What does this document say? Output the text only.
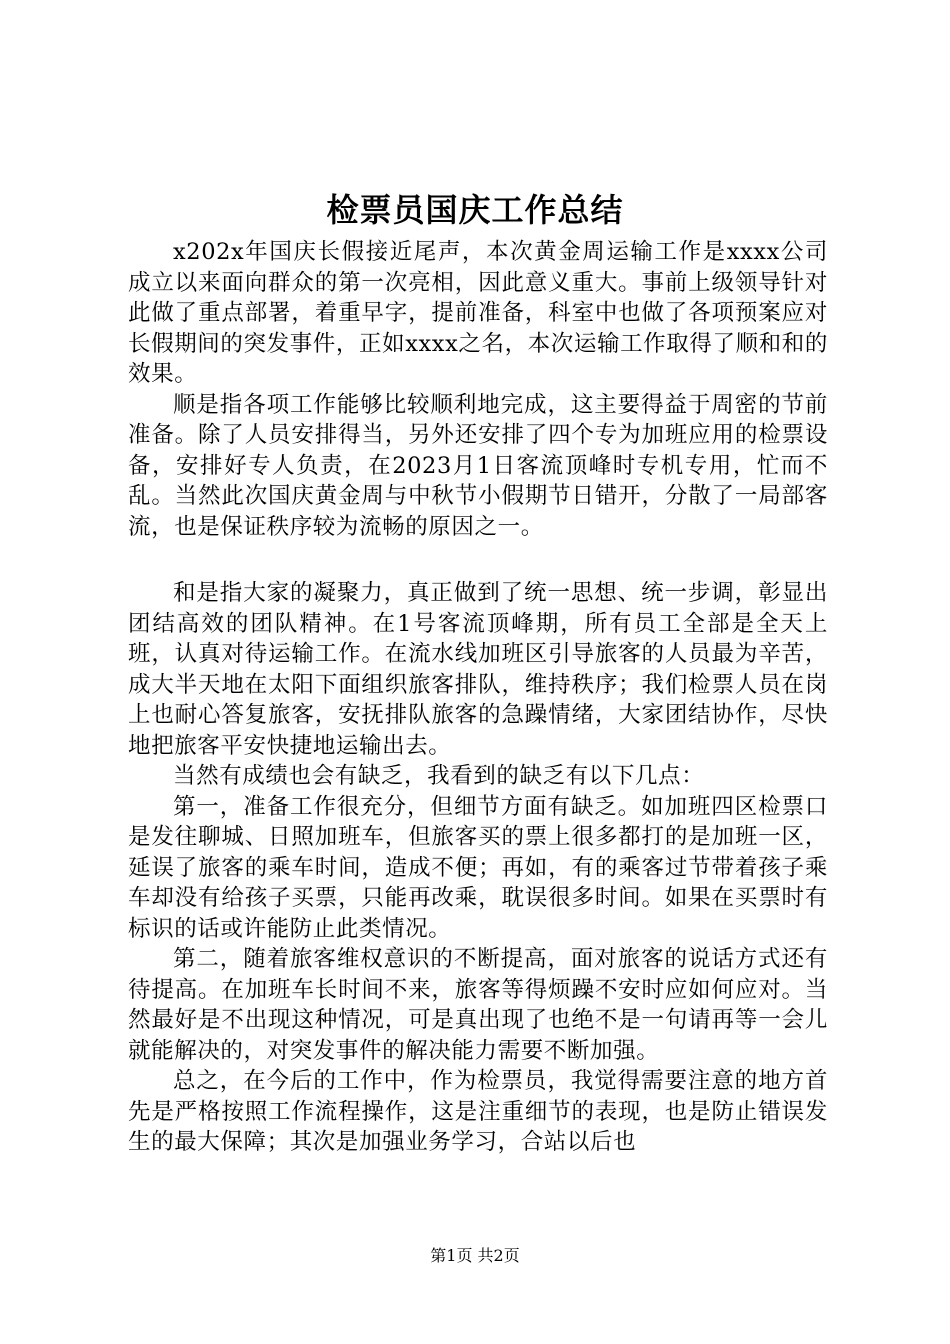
检票员国庆工作总结

x202x年国庆长假接近尾声，本次黄金周运输工作是xxxx公司成立以来面向群众的第一次亮相，因此意义重大。事前上级领导针对此做了重点部署，着重早字，提前准备，科室中也做了各项预案应对长假期间的突发事件，正如xxxx之名，本次运输工作取得了顺和和的效果。

顺是指各项工作能够比较顺利地完成，这主要得益于周密的节前准备。除了人员安排得当，另外还安排了四个专为加班应用的检票设备，安排好专人负责，在2023月1日客流顶峰时专机专用，忙而不乱。当然此次国庆黄金周与中秋节小假期节日错开，分散了一局部客流，也是保证秩序较为流畅的原因之一。

和是指大家的凝聚力，真正做到了统一思想、统一步调，彰显出团结高效的团队精神。在1号客流顶峰期，所有员工全部是全天上班，认真对待运输工作。在流水线加班区引导旅客的人员最为辛苦，成大半天地在太阳下面组织旅客排队，维持秩序；我们检票人员在岗上也耐心答复旅客，安抚排队旅客的急躁情绪，大家团结协作，尽快地把旅客平安快捷地运输出去。

当然有成绩也会有缺乏，我看到的缺乏有以下几点：

第一，准备工作很充分，但细节方面有缺乏。如加班四区检票口是发往聊城、日照加班车，但旅客买的票上很多都打的是加班一区，延误了旅客的乘车时间，造成不便；再如，有的乘客过节带着孩子乘车却没有给孩子买票，只能再改乘，耽误很多时间。如果在买票时有标识的话或许能防止此类情况。

第二，随着旅客维权意识的不断提高，面对旅客的说话方式还有待提高。在加班车长时间不来，旅客等得烦躁不安时应如何应对。当然最好是不出现这种情况，可是真出现了也绝不是一句请再等一会儿就能解决的，对突发事件的解决能力需要不断加强。

总之，在今后的工作中，作为检票员，我觉得需要注意的地方首先是严格按照工作流程操作，这是注重细节的表现，也是防止错误发生的最大保障；其次是加强业务学习，合站以后也

第1页 共2页
